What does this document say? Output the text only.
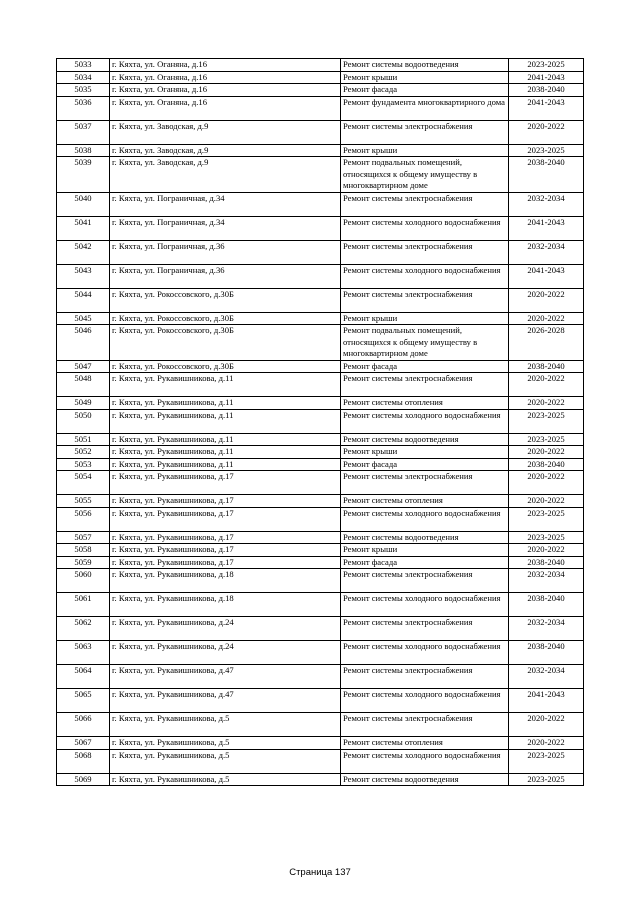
5033	г. Кяхта, ул. Оганяна, д.16	Ремонт системы водоотведения	2023-2025
5034	г. Кяхта, ул. Оганяна, д.16	Ремонт крыши	2041-2043
5035	г. Кяхта, ул. Оганяна, д.16	Ремонт фасада	2038-2040
5036	г. Кяхта, ул. Оганяна, д.16	Ремонт фундамента многоквартирного дома	2041-2043
5037	г. Кяхта, ул. Заводская, д.9	Ремонт системы электроснабжения	2020-2022
5038	г. Кяхта, ул. Заводская, д.9	Ремонт крыши	2023-2025
5039	г. Кяхта, ул. Заводская, д.9	Ремонт подвальных помещений, относящихся к общему имуществу в многоквартирном доме	2038-2040
5040	г. Кяхта, ул. Пограничная, д.34	Ремонт системы электроснабжения	2032-2034
5041	г. Кяхта, ул. Пограничная, д.34	Ремонт системы холодного водоснабжения	2041-2043
5042	г. Кяхта, ул. Пограничная, д.36	Ремонт системы электроснабжения	2032-2034
5043	г. Кяхта, ул. Пограничная, д.36	Ремонт системы холодного водоснабжения	2041-2043
5044	г. Кяхта, ул. Рокоссовского, д.30Б	Ремонт системы электроснабжения	2020-2022
5045	г. Кяхта, ул. Рокоссовского, д.30Б	Ремонт крыши	2020-2022
5046	г. Кяхта, ул. Рокоссовского, д.30Б	Ремонт подвальных помещений, относящихся к общему имуществу в многоквартирном доме	2026-2028
5047	г. Кяхта, ул. Рокоссовского, д.30Б	Ремонт фасада	2038-2040
5048	г. Кяхта, ул. Рукавишникова, д.11	Ремонт системы электроснабжения	2020-2022
5049	г. Кяхта, ул. Рукавишникова, д.11	Ремонт системы отопления	2020-2022
5050	г. Кяхта, ул. Рукавишникова, д.11	Ремонт системы холодного водоснабжения	2023-2025
5051	г. Кяхта, ул. Рукавишникова, д.11	Ремонт системы водоотведения	2023-2025
5052	г. Кяхта, ул. Рукавишникова, д.11	Ремонт крыши	2020-2022
5053	г. Кяхта, ул. Рукавишникова, д.11	Ремонт фасада	2038-2040
5054	г. Кяхта, ул. Рукавишникова, д.17	Ремонт системы электроснабжения	2020-2022
5055	г. Кяхта, ул. Рукавишникова, д.17	Ремонт системы отопления	2020-2022
5056	г. Кяхта, ул. Рукавишникова, д.17	Ремонт системы холодного водоснабжения	2023-2025
5057	г. Кяхта, ул. Рукавишникова, д.17	Ремонт системы водоотведения	2023-2025
5058	г. Кяхта, ул. Рукавишникова, д.17	Ремонт крыши	2020-2022
5059	г. Кяхта, ул. Рукавишникова, д.17	Ремонт фасада	2038-2040
5060	г. Кяхта, ул. Рукавишникова, д.18	Ремонт системы электроснабжения	2032-2034
5061	г. Кяхта, ул. Рукавишникова, д.18	Ремонт системы холодного водоснабжения	2038-2040
5062	г. Кяхта, ул. Рукавишникова, д.24	Ремонт системы электроснабжения	2032-2034
5063	г. Кяхта, ул. Рукавишникова, д.24	Ремонт системы холодного водоснабжения	2038-2040
5064	г. Кяхта, ул. Рукавишникова, д.47	Ремонт системы электроснабжения	2032-2034
5065	г. Кяхта, ул. Рукавишникова, д.47	Ремонт системы холодного водоснабжения	2041-2043
5066	г. Кяхта, ул. Рукавишникова, д.5	Ремонт системы электроснабжения	2020-2022
5067	г. Кяхта, ул. Рукавишникова, д.5	Ремонт системы отопления	2020-2022
5068	г. Кяхта, ул. Рукавишникова, д.5	Ремонт системы холодного водоснабжения	2023-2025
5069	г. Кяхта, ул. Рукавишникова, д.5	Ремонт системы водоотведения	2023-2025
Страница 137
